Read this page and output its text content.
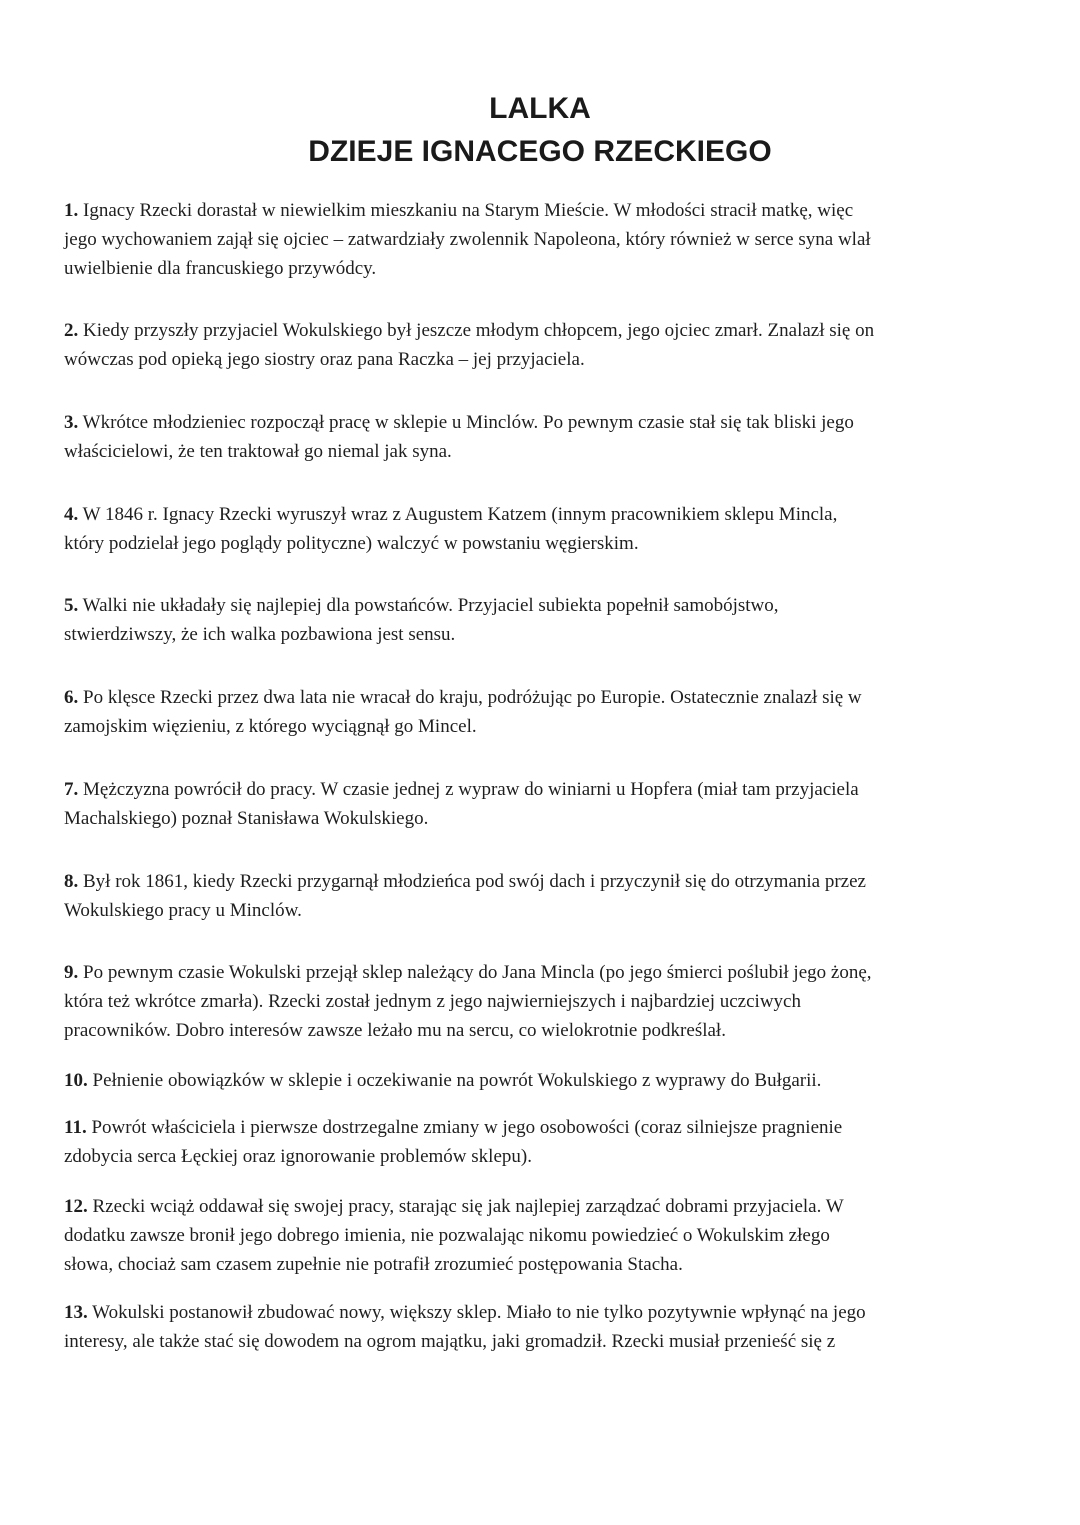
LALKA
DZIEJE IGNACEGO RZECKIEGO
1. Ignacy Rzecki dorastał w niewielkim mieszkaniu na Starym Mieście. W młodości stracił matkę, więc
jego wychowaniem zajął się ojciec – zatwardziały zwolennik Napoleona, który również w serce syna wlał
uwielbienie dla francuskiego przywódcy.
2. Kiedy przyszły przyjaciel Wokulskiego był jeszcze młodym chłopcem, jego ojciec zmarł. Znalazł się on
wówczas pod opieką jego siostry oraz pana Raczka – jej przyjaciela.
3. Wkrótce młodzieniec rozpoczął pracę w sklepie u Minclów. Po pewnym czasie stał się tak bliski jego
właścicielowi, że ten traktował go niemal jak syna.
4. W 1846 r. Ignacy Rzecki wyruszył wraz z Augustem Katzem (innym pracownikiem sklepu Mincla,
który podzielał jego poglądy polityczne) walczyć w powstaniu węgierskim.
5. Walki nie układały się najlepiej dla powstańców. Przyjaciel subiekta popełnił samobójstwo,
stwierdziwszy, że ich walka pozbawiona jest sensu.
6. Po klęsce Rzecki przez dwa lata nie wracał do kraju, podróżując po Europie. Ostatecznie znalazł się w
zamojskim więzieniu, z którego wyciągnął go Mincel.
7. Mężczyzna powrócił do pracy. W czasie jednej z wypraw do winiarni u Hopfera (miał tam przyjaciela
Machalskiego) poznał Stanisława Wokulskiego.
8. Był rok 1861, kiedy Rzecki przygarnął młodzieńca pod swój dach i przyczynił się do otrzymania przez
Wokulskiego pracy u Minclów.
9. Po pewnym czasie Wokulski przejął sklep należący do Jana Mincla (po jego śmierci poślubił jego żonę,
która też wkrótce zmarła). Rzecki został jednym z jego najwierniejszych i najbardziej uczciwych
pracowników. Dobro interesów zawsze leżało mu na sercu, co wielokrotnie podkreślał.
10. Pełnienie obowiązków w sklepie i oczekiwanie na powrót Wokulskiego z wyprawy do Bułgarii.
11. Powrót właściciela i pierwsze dostrzegalne zmiany w jego osobowości (coraz silniejsze pragnienie
zdobycia serca Łęckiej oraz ignorowanie problemów sklepu).
12. Rzecki wciąż oddawał się swojej pracy, starając się jak najlepiej zarządzać dobrami przyjaciela. W
dodatku zawsze bronił jego dobrego imienia, nie pozwalając nikomu powiedzieć o Wokulskim złego
słowa, chociaż sam czasem zupełnie nie potrafił zrozumieć postępowania Stacha.
13. Wokulski postanowił zbudować nowy, większy sklep. Miało to nie tylko pozytywnie wpłynąć na jego
interesy, ale także stać się dowodem na ogrom majątku, jaki gromadził. Rzecki musiał przenieść się z
